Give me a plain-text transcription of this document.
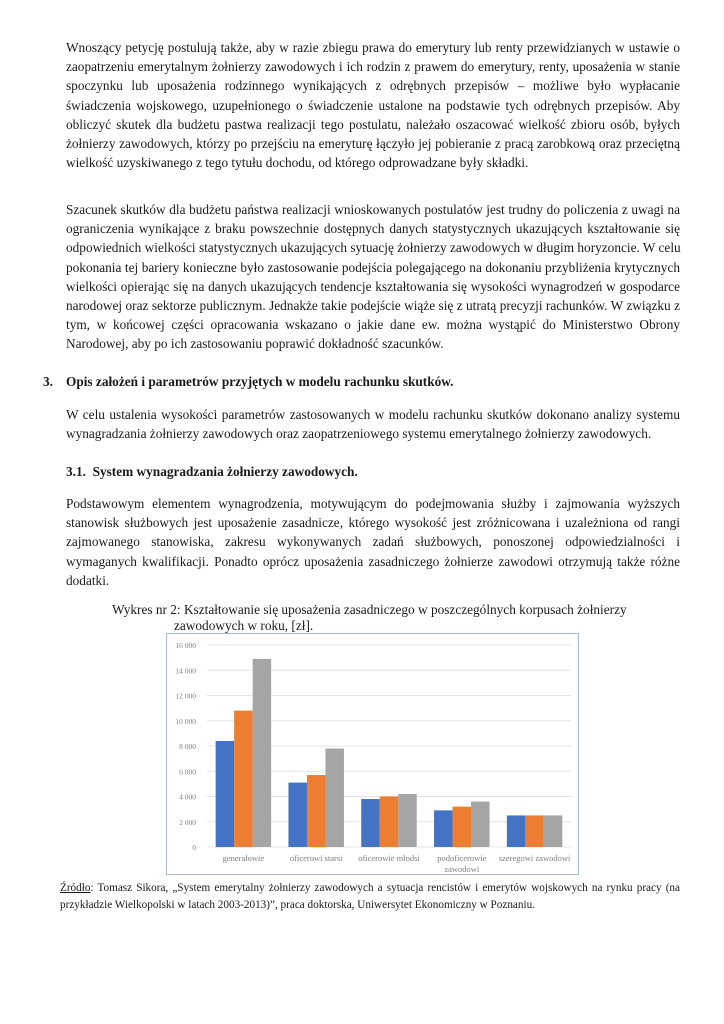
Wnoszący petycję postulują także, aby w razie zbiegu prawa do emerytury lub renty przewidzianych w ustawie o
zaopatrzeniu emerytalnym żołnierzy zawodowych i ich rodzin z prawem do emerytury, renty, uposażenia w stanie
spoczynku lub uposażenia rodzinnego wynikających z odrębnych przepisów – możliwe było wypłacanie
świadczenia wojskowego, uzupełnionego o świadczenie ustalone na podstawie tych odrębnych przepisów. Aby
obliczyć skutek dla budżetu pastwa realizacji tego postulatu, należało oszacować wielkość zbioru osób, byłych
żołnierzy zawodowych, którzy po przejściu na emeryturę łączyło jej pobieranie z pracą zarobkową oraz przeciętną
wielkość uzyskiwanego z tego tytułu dochodu, od którego odprowadzane były składki.
Szacunek skutków dla budżetu państwa realizacji wnioskowanych postulatów jest trudny do policzenia z uwagi na
ograniczenia wynikające z braku powszechnie dostępnych danych statystycznych ukazujących kształtowanie się
odpowiednich wielkości statystycznych ukazujących sytuację żołnierzy zawodowych w długim horyzoncie. W celu
pokonania tej bariery konieczne było zastosowanie podejścia polegającego na dokonaniu przybliżenia krytycznych
wielkości opierając się na danych ukazujących tendencje kształtowania się wysokości wynagrodzeń w gospodarce
narodowej oraz sektorze publicznym. Jednakże takie podejście wiąże się z utratą precyzji rachunków. W związku z
tym, w końcowej części opracowania wskazano o jakie dane ew. można wystąpić do Ministerstwo Obrony
Narodowej, aby po ich zastosowaniu poprawić dokładność szacunków.
3. Opis założeń i parametrów przyjętych w modelu rachunku skutków.
W celu ustalenia wysokości parametrów zastosowanych w modelu rachunku skutków dokonano analizy systemu
wynagradzania żołnierzy zawodowych oraz zaopatrzeniowego systemu emerytalnego żołnierzy zawodowych.
3.1.  System wynagradzania żołnierzy zawodowych.
Podstawowym elementem wynagrodzenia, motywującym do podejmowania służby i zajmowania wyższych
stanowisk służbowych jest uposażenie zasadnicze, którego wysokość jest zróżnicowana i uzależniona od rangi
zajmowanego stanowiska, zakresu wykonywanych zadań służbowych, ponoszonej odpowiedzialności i
wymaganych kwalifikacji. Ponadto oprócz uposażenia zasadniczego żołnierze zawodowi otrzymują także różne
dodatki.
Wykres nr 2: Kształtowanie się uposażenia zasadniczego w poszczególnych korpusach żołnierzy
zawodowych w roku, [zł].
0
2 000
4 000
6 000
8 000
10 000
12 000
14 000
16 000
generałowie	oficerowi starsi oficerowie młodsi podoficerowie
zawodowi
szeregowi zawodowi
Źródło: Tomasz Sikora, „System emerytalny żołnierzy zawodowych a sytuacja rencistów i emerytów wojskowych na rynku pracy (na przykładzie Wielkopolski w latach 2003-2013)”, praca doktorska, Uniwersytet Ekonomiczny w Poznaniu.
